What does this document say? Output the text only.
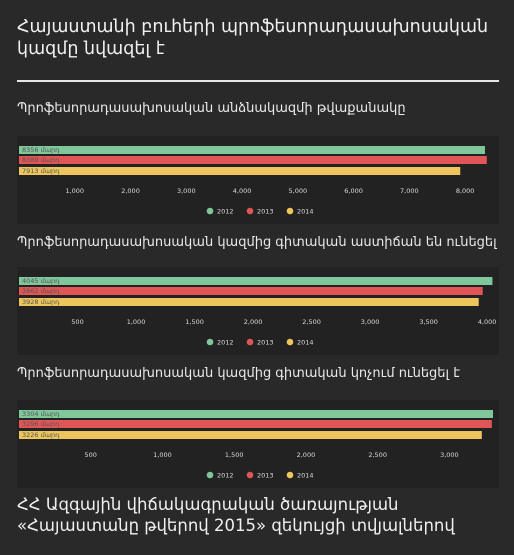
Հայաստանի բուհերի պրոֆեսորադասախոսական կազմը նվազել է
Պրոֆեսորադասախոսական անձնակազմի թվաքանակը
8356 մարդ
8389 մարդ
7913 մարդ
1,000	2,000	3,000	4,000	5,000	6,000	7,000	8,000
2012	2013	2014
Պրոֆեսորադասախոսական կազմից գիտական աստիճան են ունեցել
4045 մարդ
3962 մարդ
3928 մարդ
500	1,000	1,500	2,000	2,500	3,000	3,500	4,000
2012	2013	2014
Պրոֆեսորադասախոսական կազմից գիտական կոչում ունեցել է
3304 մարդ
3296 մարդ
3226 մարդ
500	1,000	1,500	2,000	2,500	3,000
2012	2013	2014
ՀՀ Ազգային վիճակագրական ծառայության «Հայաստանը թվերով 2015» զեկույցի տվյալներով
